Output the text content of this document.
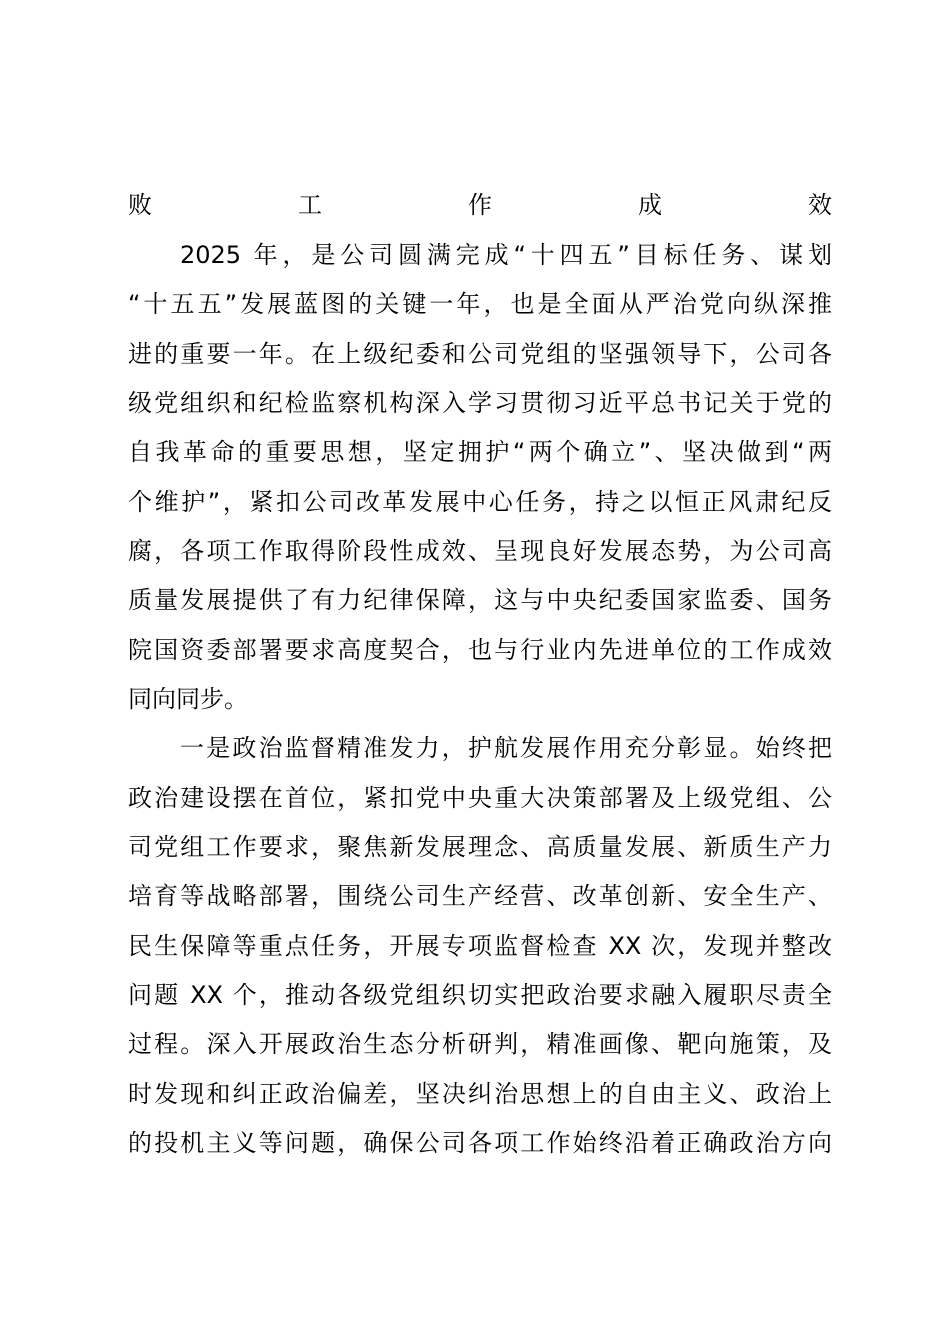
败工作成效
2025 年，是公司圆满完成“十四五”目标任务、谋划
“十五五”发展蓝图的关键一年，也是全面从严治党向纵深推
进的重要一年。在上级纪委和公司党组的坚强领导下，公司各
级党组织和纪检监察机构深入学习贯彻习近平总书记关于党的
自我革命的重要思想，坚定拥护“两个确立”、坚决做到“两
个维护”，紧扣公司改革发展中心任务，持之以恒正风肃纪反
腐，各项工作取得阶段性成效、呈现良好发展态势，为公司高
质量发展提供了有力纪律保障，这与中央纪委国家监委、国务
院国资委部署要求高度契合，也与行业内先进单位的工作成效
同向同步。
一是政治监督精准发力，护航发展作用充分彰显。始终把
政治建设摆在首位，紧扣党中央重大决策部署及上级党组、公
司党组工作要求，聚焦新发展理念、高质量发展、新质生产力
培育等战略部署，围绕公司生产经营、改革创新、安全生产、
民生保障等重点任务，开展专项监督检查 XX 次，发现并整改
问题 XX 个，推动各级党组织切实把政治要求融入履职尽责全
过程。深入开展政治生态分析研判，精准画像、靶向施策，及
时发现和纠正政治偏差，坚决纠治思想上的自由主义、政治上
的投机主义等问题，确保公司各项工作始终沿着正确政治方向
